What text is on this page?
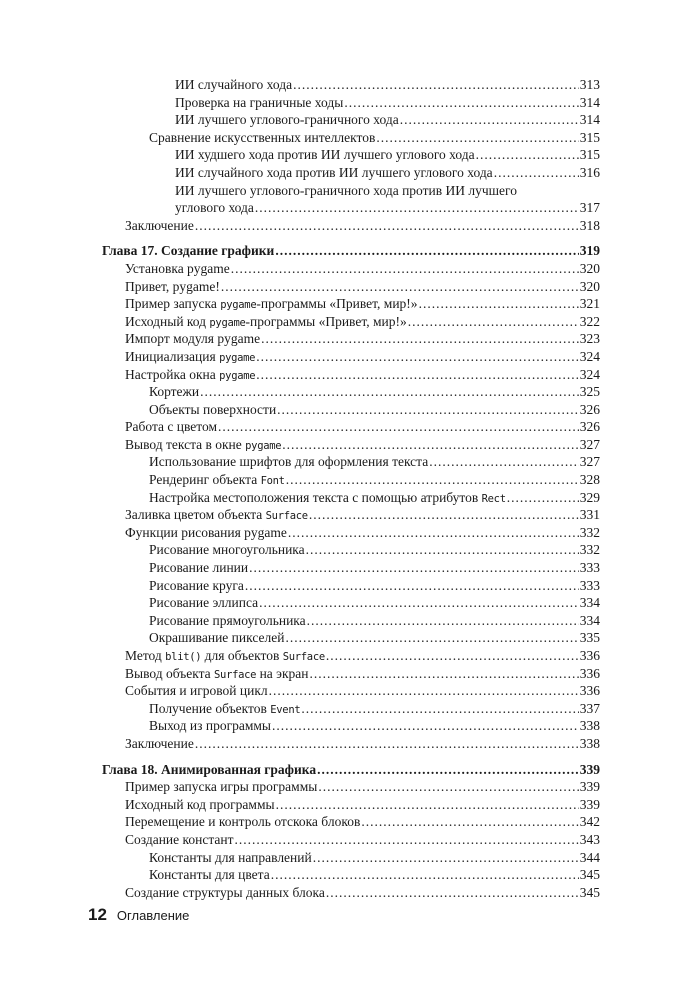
ИИ случайного хода .....	313
Проверка на граничные ходы .....	314
ИИ лучшего углового-граничного хода .....	314
Сравнение искусственных интеллектов .....	315
ИИ худшего хода против ИИ лучшего углового хода .....	315
ИИ случайного хода против ИИ лучшего углового хода .....	316
ИИ лучшего углового-граничного хода против ИИ лучшего
углового хода .....	317
Заключение .....	318
Глава 17. Создание графики .....	319
Установка pygame .....	320
Привет, pygame! .....	320
Пример запуска pygame-программы «Привет, мир!» .....	321
Исходный код pygame-программы «Привет, мир!» .....	322
Импорт модуля pygame .....	323
Инициализация pygame .....	324
Настройка окна pygame .....	324
Кортежи .....	325
Объекты поверхности .....	326
Работа с цветом .....	326
Вывод текста в окне pygame .....	327
Использование шрифтов для оформления текста .....	327
Рендеринг объекта Font .....	328
Настройка местоположения текста с помощью атрибутов Rect .....	329
Заливка цветом объекта Surface .....	331
Функции рисования pygame .....	332
Рисование многоугольника .....	332
Рисование линии .....	333
Рисование круга .....	333
Рисование эллипса .....	334
Рисование прямоугольника .....	334
Окрашивание пикселей .....	335
Метод blit() для объектов Surface .....	336
Вывод объекта Surface на экран .....	336
События и игровой цикл .....	336
Получение объектов Event .....	337
Выход из программы .....	338
Заключение .....	338
Глава 18. Анимированная графика .....	339
Пример запуска игры программы .....	339
Исходный код программы .....	339
Перемещение и контроль отскока блоков .....	342
Создание констант .....	343
Константы для направлений .....	344
Константы для цвета .....	345
Создание структуры данных блока .....	345
12 Оглавление
